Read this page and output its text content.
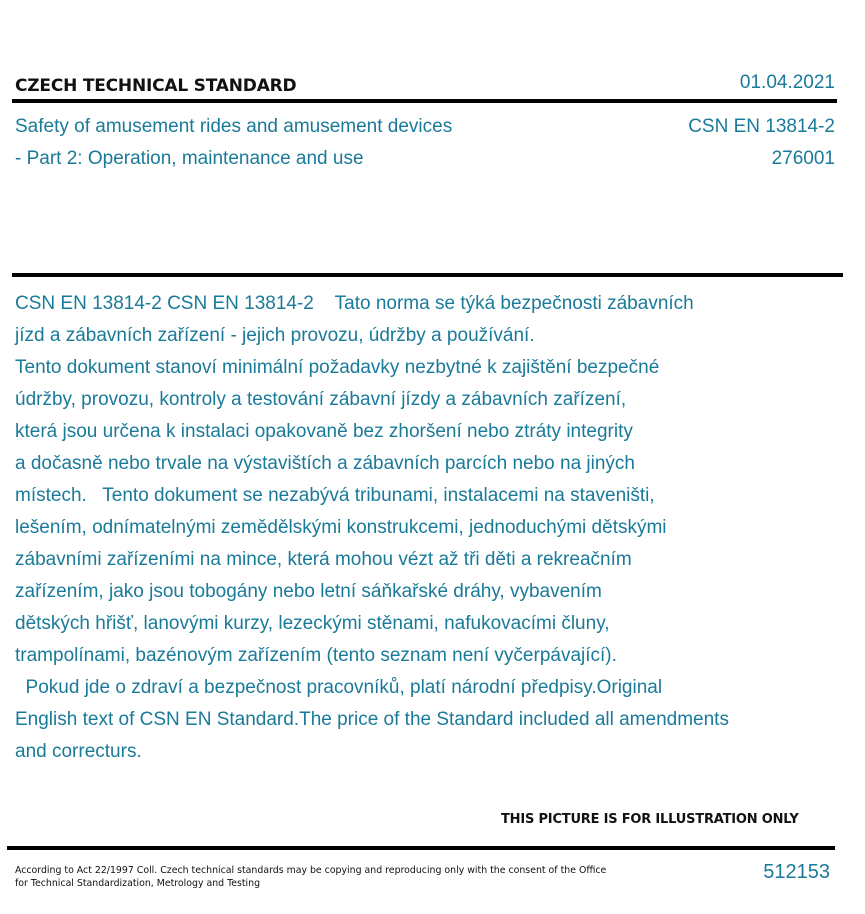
CZECH TECHNICAL STANDARD	01.04.2021
Safety of amusement rides and amusement devices
- Part 2: Operation, maintenance and use
CSN EN 13814-2
276001
CSN EN 13814-2 CSN EN 13814-2    Tato norma se týká bezpečnosti zábavních
jízd a zábavních zařízení - jejich provozu, údržby a používání.
Tento dokument stanoví minimální požadavky nezbytné k zajištění bezpečné
údržby, provozu, kontroly a testování zábavní jízdy a zábavních zařízení,
která jsou určena k instalaci opakovaně bez zhoršení nebo ztráty integrity
a dočasně nebo trvale na výstavištích a zábavních parcích nebo na jiných
místech.   Tento dokument se nezabývá tribunami, instalacemi na staveništi,
lešením, odnímatelnými zemědělskými konstrukcemi, jednoduchými dětskými
zábavními zařízeními na mince, která mohou vézt až tři děti a rekreačním
zařízením, jako jsou tobogány nebo letní sáňkařské dráhy, vybavením
dětských hřišť, lanovými kurzy, lezeckými stěnami, nafukovacími čluny,
trampolínami, bazénovým zařízením (tento seznam není vyčerpávající).
Pokud jde o zdraví a bezpečnost pracovníků, platí národní předpisy.Original
English text of CSN EN Standard.The price of the Standard included all amendments
and correcturs.
THIS PICTURE IS FOR ILLUSTRATION ONLY
According to Act 22/1997 Coll. Czech technical standards may be copying and reproducing only with the consent of the Office
for Technical Standardization, Metrology and Testing
512153
